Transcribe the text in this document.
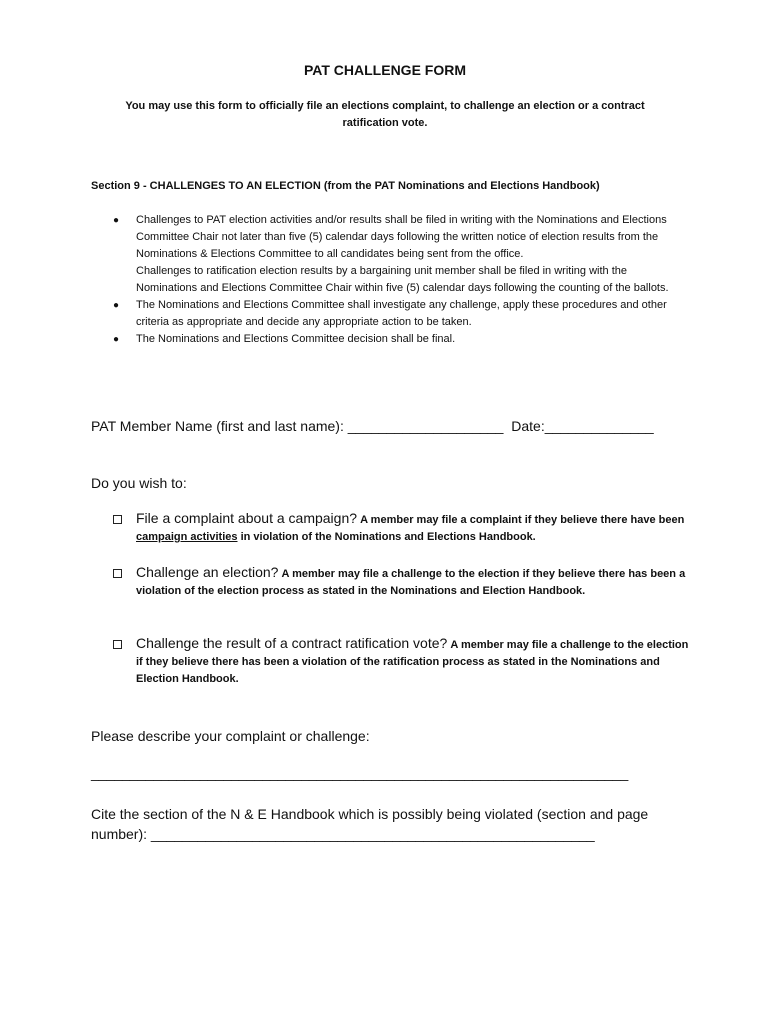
PAT CHALLENGE FORM
You may use this form to officially file an elections complaint, to challenge an election or a contract ratification vote.
Section 9 - CHALLENGES TO AN ELECTION (from the PAT Nominations and Elections Handbook)
● Challenges to PAT election activities and/or results shall be filed in writing with the Nominations and Elections Committee Chair not later than five (5) calendar days following the written notice of election results from the Nominations & Elections Committee to all candidates being sent from the office.
Challenges to ratification election results by a bargaining unit member shall be filed in writing with the Nominations and Elections Committee Chair within five (5) calendar days following the counting of the ballots.
● The Nominations and Elections Committee shall investigate any challenge, apply these procedures and other criteria as appropriate and decide any appropriate action to be taken.
● The Nominations and Elections Committee decision shall be final.
PAT Member Name (first and last name): ____________________ Date:______________
Do you wish to:
File a complaint about a campaign? A member may file a complaint if they believe there have been campaign activities in violation of the Nominations and Elections Handbook.
Challenge an election? A member may file a challenge to the election if they believe there has been a violation of the election process as stated in the Nominations and Election Handbook.
Challenge the result of a contract ratification vote? A member may file a challenge to the election if they believe there has been a violation of the ratification process as stated in the Nominations and Election Handbook.
Please describe your complaint or challenge:
_____________________________________________________________________
Cite the section of the N & E Handbook which is possibly being violated (section and page number): _________________________________________________________
